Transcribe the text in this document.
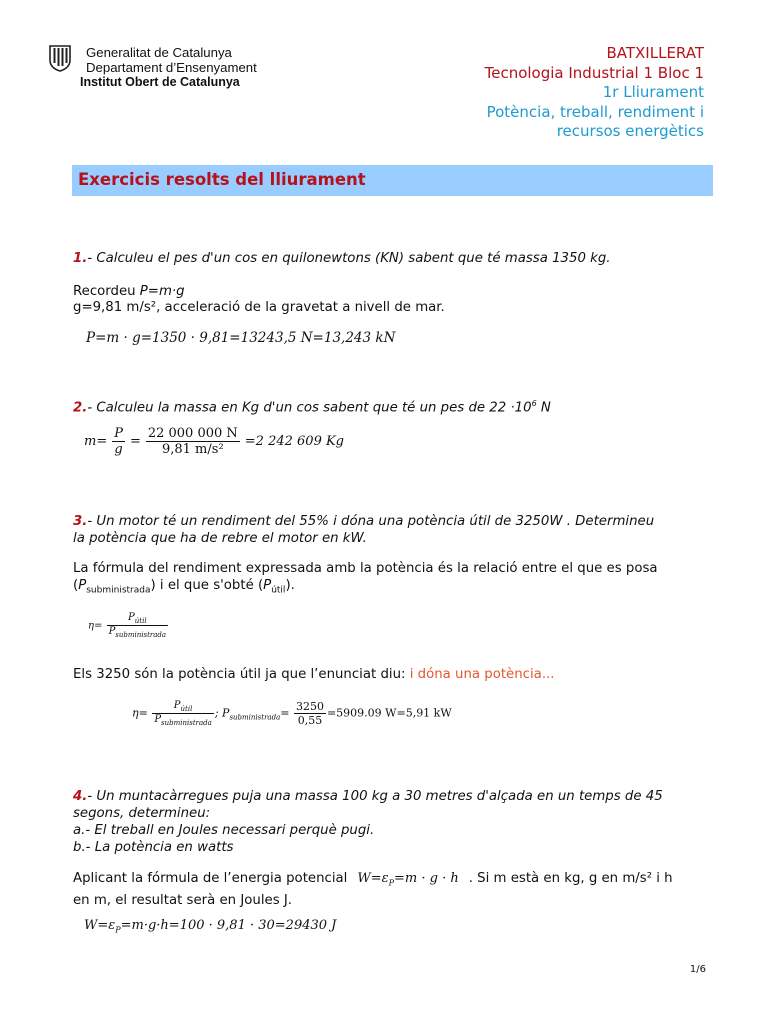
Generalitat de Catalunya
Departament d’Ensenyament
Institut Obert de Catalunya
BATXILLERAT
Tecnologia Industrial 1 Bloc 1
1r Lliurament
Potència, treball, rendiment i
recursos energètics
Exercicis resolts del lliurament
1.- Calculeu el pes d'un cos en quilonewtons (KN) sabent que té massa 1350 kg.
Recordeu P=m·g
g=9,81 m/s², acceleració de la gravetat a nivell de mar.
P=m · g=1350 · 9,81=13243,5 N=13,243 kN
2.- Calculeu la massa en Kg d'un cos sabent que té un pes de $22 \cdot 10^6$ N
$m= \frac{P}{g} = \frac{22 000 000 N}{\text{9,81 m/s²}} =2$ 242 609 Kg
3.- Un motor té un rendiment del 55% i dóna una potència útil de 3250W . Determineu
la potència que ha de rebre el motor en kW.
La fórmula del rendiment expressada amb la potència és la relació entre el que es posa
$(P_{subministrada})$ i el que s'obté $(P_{útil})$.
$\eta= \frac{P_{útil}}{P_{subministrada}}$
Els 3250 són la potència útil ja que l’enunciat diu: i dóna una potència...
$\eta= \frac{P_{útil}}{P_{subministrada}}$ ; $P_{subministrada}= \frac{3250}{0,55} =5909.09$ W=5,91 kW
4.- Un muntacàrregues puja una massa 100 kg a 30 metres d'alçada en un temps de 45
segons, determineu:
a.- El treball en Joules necessari perquè pugi.
b.- La potència en watts
Aplicant la fórmula de l’energia potencial $W=\varepsilon_P=m \cdot g \cdot h$ . Si m està en kg, g en m/s² i h
en m, el resultat serà en Joules J.
$W=\varepsilon_P=m\cdot g\cdot h=100 \cdot 9,81 \cdot 30=29430$ J
1/6
